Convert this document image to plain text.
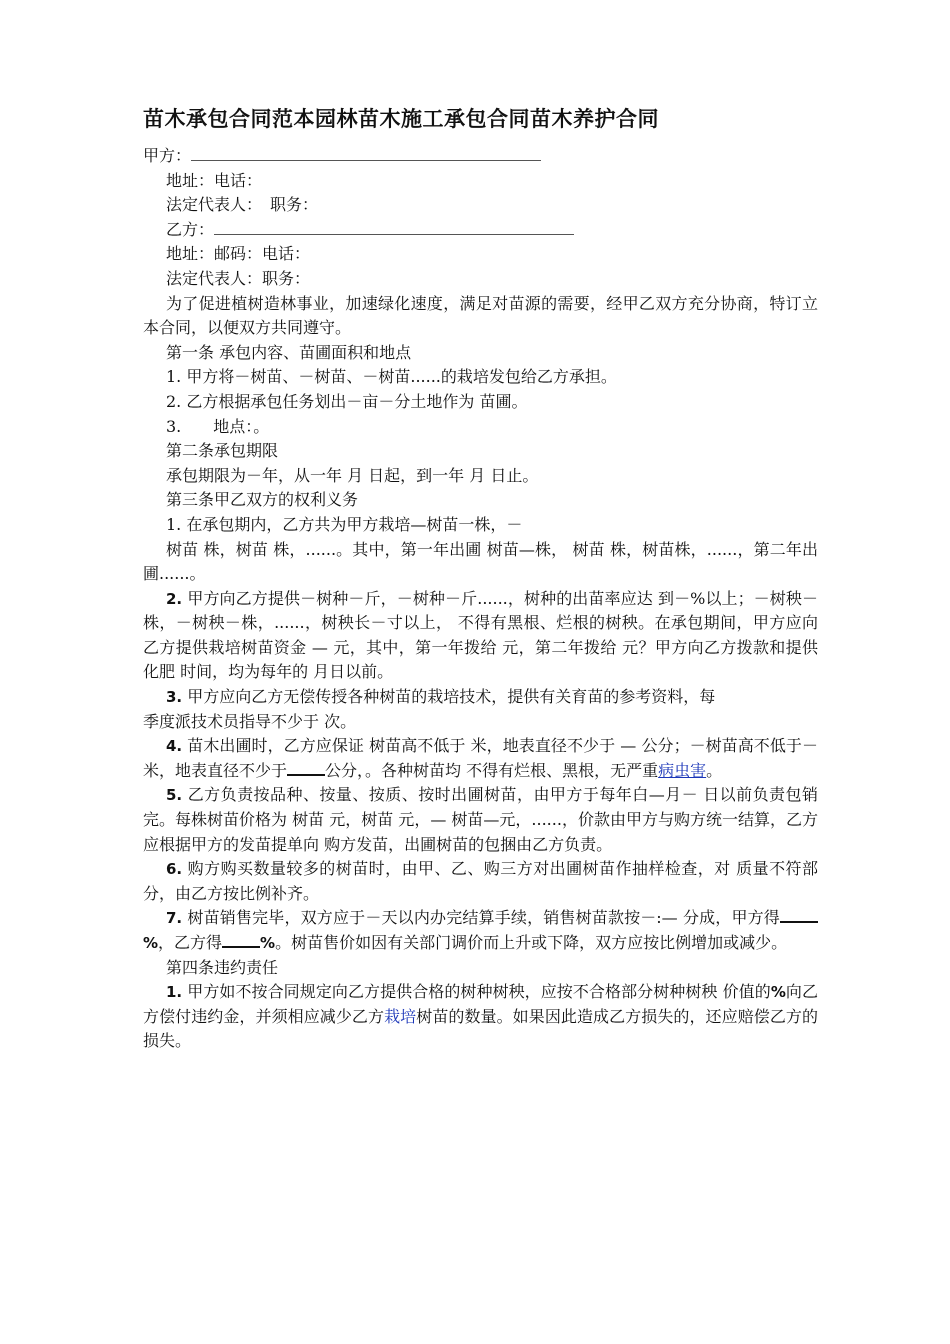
苗木承包合同范本园林苗木施工承包合同苗木养护合同

甲方：

地址：电话：

法定代表人：　职务：

乙方：

地址：邮码：电话：

法定代表人：职务：

为了促进植树造林事业，加速绿化速度，满足对苗源的需要，经甲乙双方充分协商，特订立本合同，以便双方共同遵守。

第一条 承包内容、苗圃面积和地点

1. 甲方将－树苗、－树苗、－树苗......的栽培发包给乙方承担。

2. 乙方根据承包任务划出－亩－分土地作为 苗圃。

3.　　地点：。

第二条承包期限

承包期限为－年，从一年 月 日起，到一年 月 日止。

第三条甲乙双方的权利义务

1. 在承包期内，乙方共为甲方栽培—树苗一株，－

树苗 株，树苗 株，......。其中，第一年出圃 树苗—株， 树苗 株，树苗株，......，第二年出圃......。

2. 甲方向乙方提供－树种－斤，－树种－斤......，树种的出苗率应达 到－%以上；－树秧－株，－树秧－株，......，树秧长－寸以上， 不得有黑根、烂根的树秧。在承包期间，甲方应向乙方提供栽培树苗资金 — 元，其中，第一年拨给 元，第二年拨给 元？甲方向乙方拨款和提供化肥 时间，均为每年的 月日以前。

3. 甲方应向乙方无偿传授各种树苗的栽培技术，提供有关育苗的参考资料，每

季度派技术员指导不少于 次。

4. 苗木出圃时，乙方应保证 树苗高不低于 米，地表直径不少于 — 公分；－树苗高不低于－米，地表直径不少于 公分，。各种树苗均 不得有烂根、黑根，无严重病虫害。

5. 乙方负责按品种、按量、按质、按时出圃树苗，由甲方于每年白—月－ 日以前负责包销完。每株树苗价格为 树苗 元，树苗 元，— 树苗—元，......，价款由甲方与购方统一结算，乙方应根据甲方的发苗提单向 购方发苗，出圃树苗的包捆由乙方负责。

6. 购方购买数量较多的树苗时，由甲、乙、购三方对出圃树苗作抽样检查，对 质量不符部分，由乙方按比例补齐。

7. 树苗销售完毕，双方应于－天以内办完结算手续，销售树苗款按－:— 分成，甲方得%，乙方得	%。树苗售价如因有关部门调价而上升或下降，双方应按比例增加或减少。

第四条违约责任

1. 甲方如不按合同规定向乙方提供合格的树种树秧，应按不合格部分树种树秧 价值的%向乙方偿付违约金，并须相应减少乙方栽培树苗的数量。如果因此造成乙方损失的，还应赔偿乙方的损失。
